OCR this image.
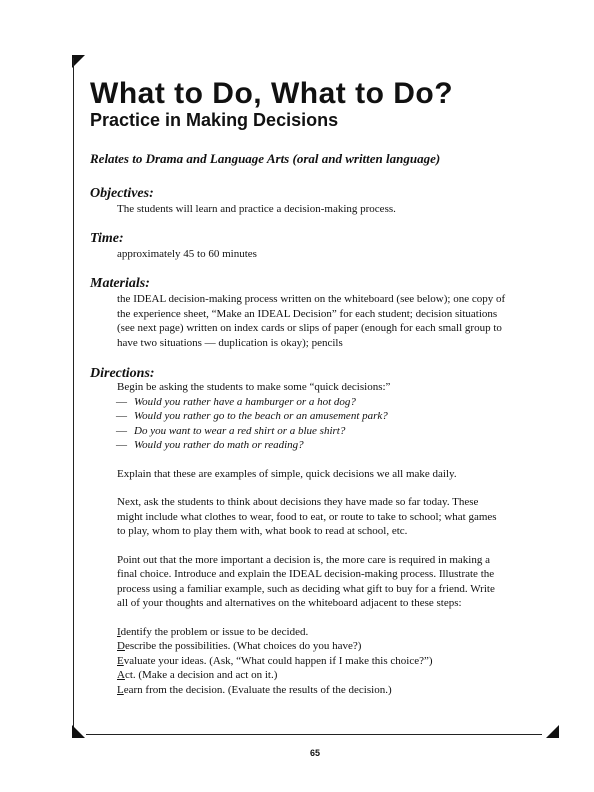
What to Do, What to Do?
Practice in Making Decisions
Relates to Drama and Language Arts (oral and written language)
Objectives:
The students will learn and practice a decision-making process.
Time:
approximately 45 to 60 minutes
Materials:
the IDEAL decision-making process written on the whiteboard (see below); one copy of
the experience sheet, “Make an IDEAL Decision” for each student; decision situations
(see next page) written on index cards or slips of paper (enough for each small group to
have two situations — duplication is okay); pencils
Directions:
Begin be asking the students to make some “quick decisions:”
— Would you rather have a hamburger or a hot dog?
— Would you rather go to the beach or an amusement park?
— Do you want to wear a red shirt or a blue shirt?
— Would you rather do math or reading?
Explain that these are examples of simple, quick decisions we all make daily.
Next, ask the students to think about decisions they have made so far today. These
might include what clothes to wear, food to eat, or route to take to school; what games
to play, whom to play them with, what book to read at school, etc.
Point out that the more important a decision is, the more care is required in making a
final choice. Introduce and explain the IDEAL decision-making process. Illustrate the
process using a familiar example, such as deciding what gift to buy for a friend. Write
all of your thoughts and alternatives on the whiteboard adjacent to these steps:
Identify the problem or issue to be decided.
Describe the possibilities. (What choices do you have?)
Evaluate your ideas. (Ask, “What could happen if I make this choice?”)
Act. (Make a decision and act on it.)
Learn from the decision. (Evaluate the results of the decision.)
65
